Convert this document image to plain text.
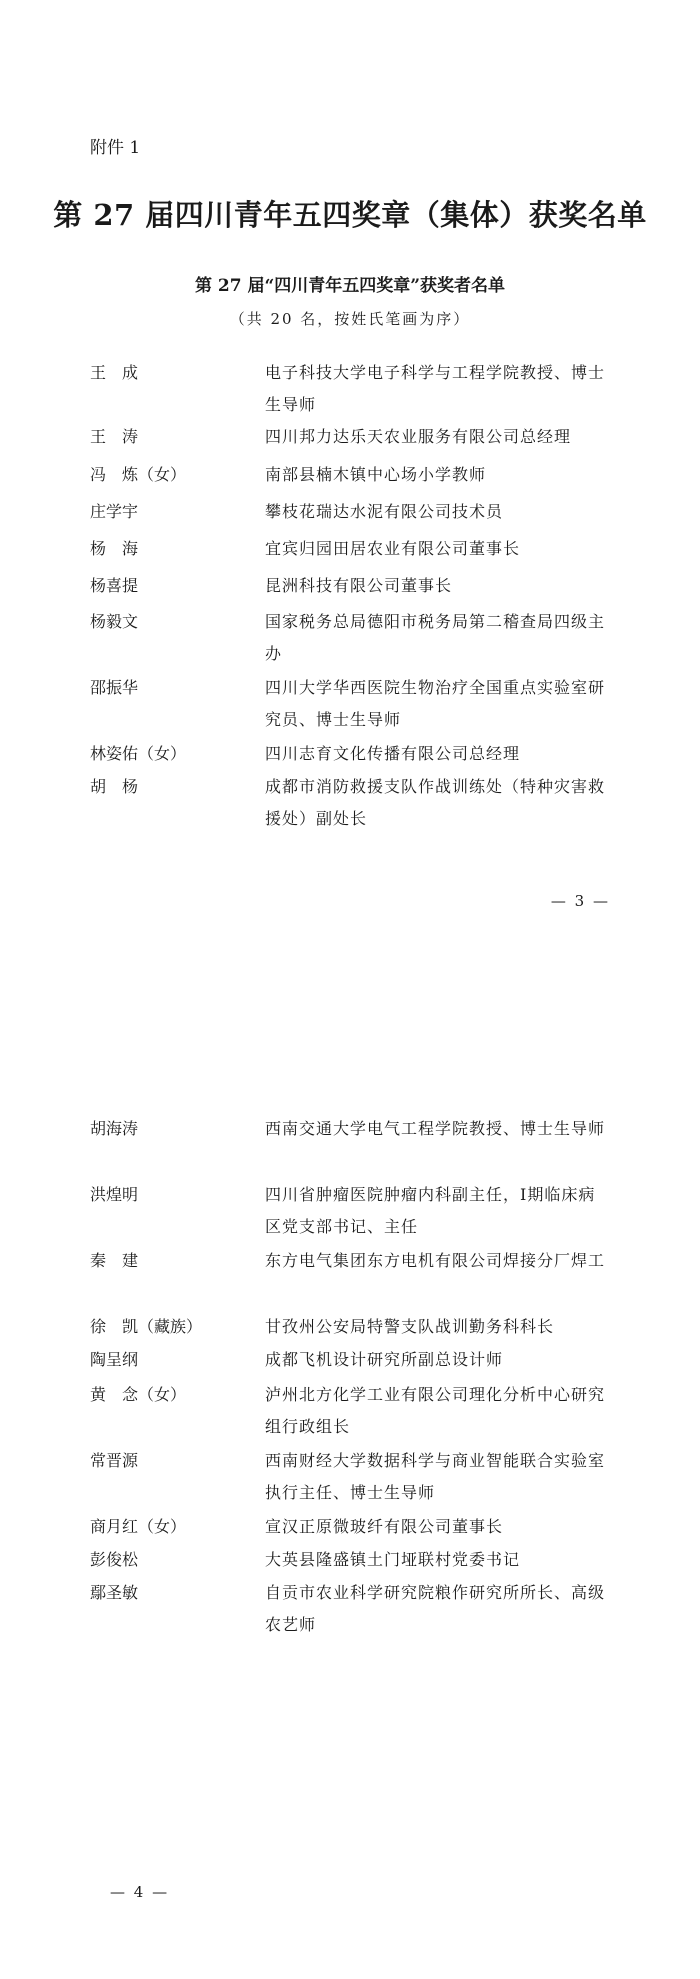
附件 1
第 27 届四川青年五四奖章（集体）获奖名单
第 27 届“四川青年五四奖章”获奖者名单
（共 20 名，按姓氏笔画为序）
王　成	电子科技大学电子科学与工程学院教授、博士生导师
王　涛	四川邦力达乐天农业服务有限公司总经理
冯　炼（女）	南部县楠木镇中心场小学教师
庄学宇	攀枝花瑞达水泥有限公司技术员
杨　海	宜宾归园田居农业有限公司董事长
杨喜提	昆洲科技有限公司董事长
杨毅文	国家税务总局德阳市税务局第二稽查局四级主办
邵振华	四川大学华西医院生物治疗全国重点实验室研究员、博士生导师
林姿佑（女）	四川志育文化传播有限公司总经理
胡　杨	成都市消防救援支队作战训练处（特种灾害救援处）副处长
— 3 —
胡海涛	西南交通大学电气工程学院教授、博士生导师
洪煌明	四川省肿瘤医院肿瘤内科副主任，Ⅰ期临床病区党支部书记、主任
秦　建	东方电气集团东方电机有限公司焊接分厂焊工
徐　凯（藏族）	甘孜州公安局特警支队战训勤务科科长
陶呈纲	成都飞机设计研究所副总设计师
黄　念（女）	泸州北方化学工业有限公司理化分析中心研究组行政组长
常晋源	西南财经大学数据科学与商业智能联合实验室执行主任、博士生导师
商月红（女）	宣汉正原微玻纤有限公司董事长
彭俊松	大英县隆盛镇土门垭联村党委书记
鄢圣敏	自贡市农业科学研究院粮作研究所所长、高级农艺师
— 4 —
